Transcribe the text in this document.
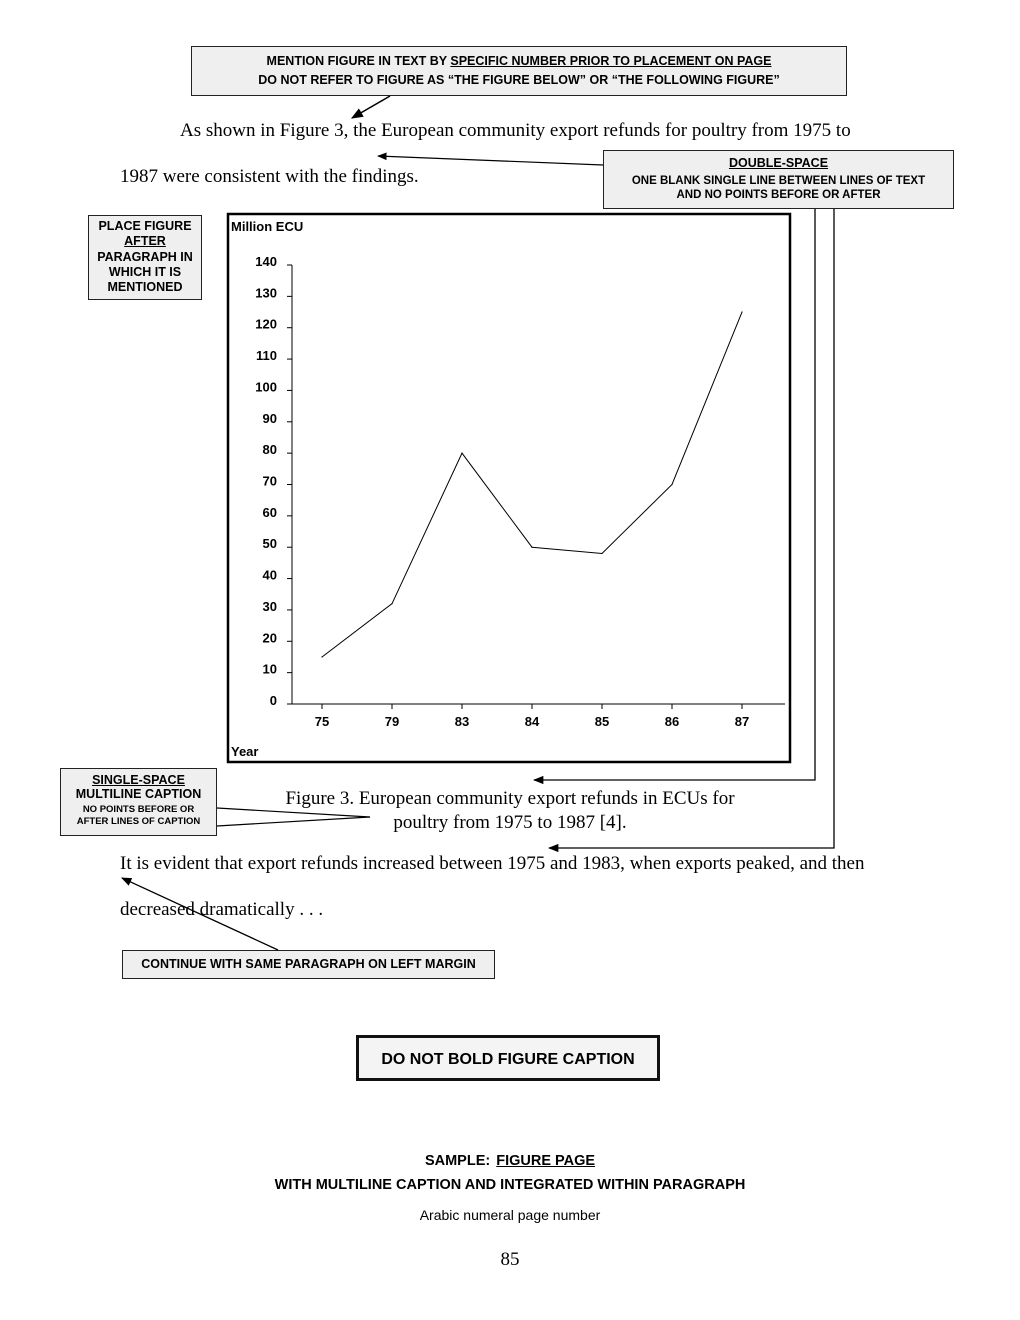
MENTION FIGURE IN TEXT BY SPECIFIC NUMBER PRIOR TO PLACEMENT ON PAGE
DO NOT REFER TO FIGURE AS “THE FIGURE BELOW” OR “THE FOLLOWING FIGURE”
As shown in Figure 3, the European community export refunds for poultry from 1975 to
1987 were consistent with the findings.
DOUBLE-SPACE
ONE BLANK SINGLE LINE BETWEEN LINES OF TEXT
AND NO POINTS BEFORE OR AFTER
PLACE FIGURE
AFTER
PARAGRAPH IN
WHICH IT IS
MENTIONED
SINGLE-SPACE
MULTILINE CAPTION
NO POINTS BEFORE OR
AFTER LINES OF CAPTION
Figure 3. European community export refunds in ECUs for
poultry from 1975 to 1987 [4].
It is evident that export refunds increased between 1975 and 1983, when exports peaked, and then
decreased dramatically . . .
CONTINUE WITH SAME PARAGRAPH ON LEFT MARGIN
DO NOT BOLD FIGURE CAPTION
SAMPLE: FIGURE PAGE
WITH MULTILINE CAPTION AND INTEGRATED WITHIN PARAGRAPH
Arabic numeral page number
85
Million ECU
Year
0
10
20
30
40
50
60
70
80
90
100
110
120
130
140
75	79	83	84	85	86	87
